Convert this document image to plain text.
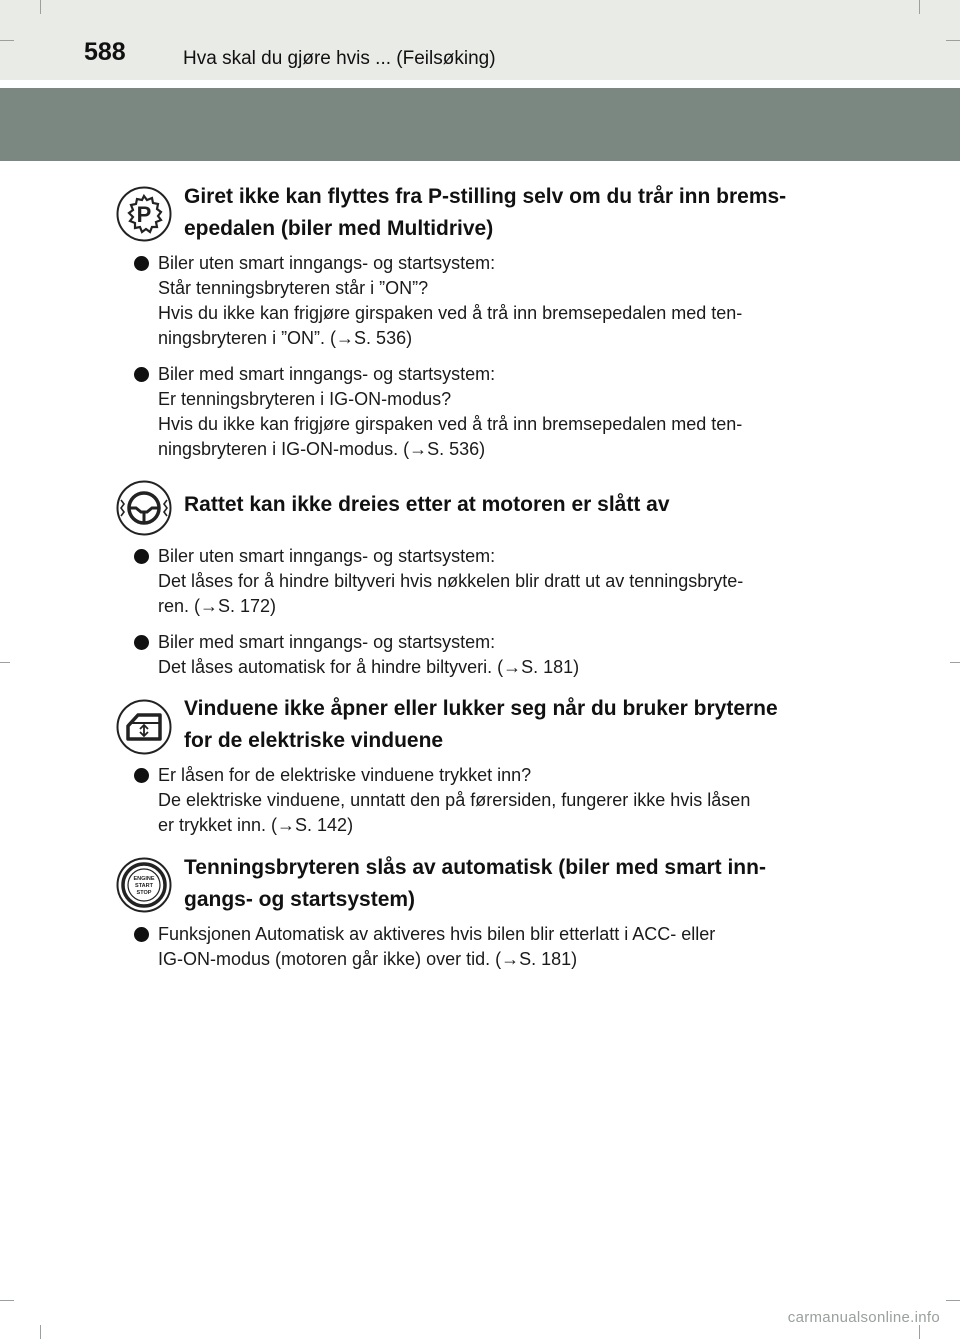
588	Hva skal du gjøre hvis ... (Feilsøking)
P
Giret ikke kan flyttes fra P-stilling selv om du trår inn brems-
epedalen (biler med Multidrive)
Biler uten smart inngangs- og startsystem:
Står tenningsbryteren står i ”ON”?
Hvis du ikke kan frigjøre girspaken ved å trå inn bremsepedalen med ten-
ningsbryteren i ”ON”. (→S. 536)
Biler med smart inngangs- og startsystem:
Er tenningsbryteren i IG-ON-modus?
Hvis du ikke kan frigjøre girspaken ved å trå inn bremsepedalen med ten-
ningsbryteren i IG-ON-modus. (→S. 536)
Rattet kan ikke dreies etter at motoren er slått av
Biler uten smart inngangs- og startsystem:
Det låses for å hindre biltyveri hvis nøkkelen blir dratt ut av tenningsbryte-
ren. (→S. 172)
Biler med smart inngangs- og startsystem:
Det låses automatisk for å hindre biltyveri. (→S. 181)
Vinduene ikke åpner eller lukker seg når du bruker bryterne
for de elektriske vinduene
Er låsen for de elektriske vinduene trykket inn?
De elektriske vinduene, unntatt den på førersiden, fungerer ikke hvis låsen
er trykket inn. (→S. 142)
ENGINE
START
STOP
Tenningsbryteren slås av automatisk (biler med smart inn-
gangs- og startsystem)
Funksjonen Automatisk av aktiveres hvis bilen blir etterlatt i ACC- eller
IG-ON-modus (motoren går ikke) over tid. (→S. 181)
carmanualsonline.info
